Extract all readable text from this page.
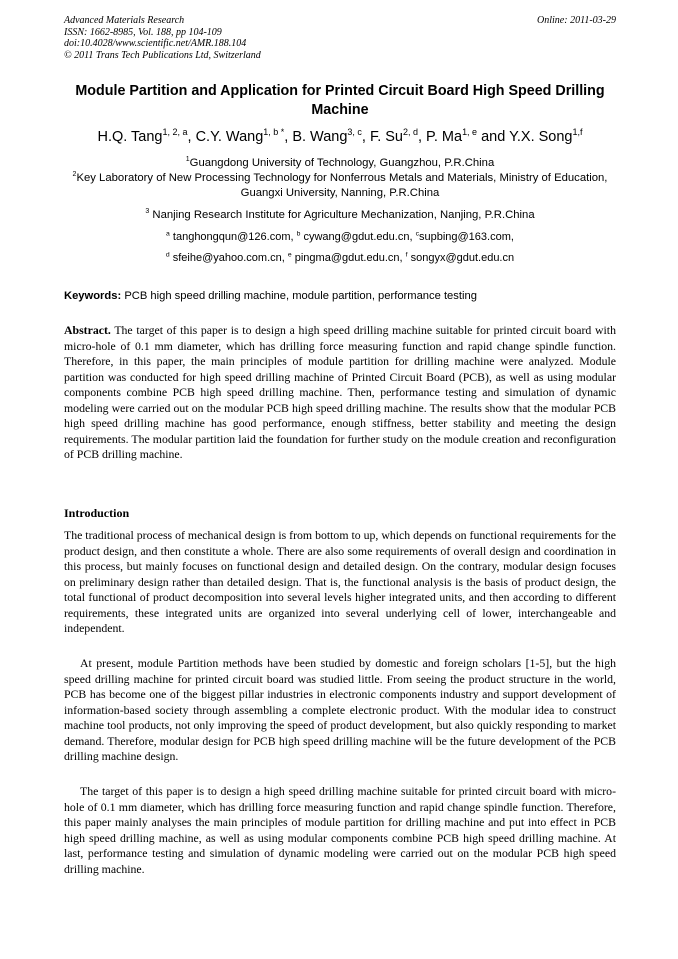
Advanced Materials Research
ISSN: 1662-8985, Vol. 188, pp 104-109
doi:10.4028/www.scientific.net/AMR.188.104
© 2011 Trans Tech Publications Ltd, Switzerland
Online: 2011-03-29
Module Partition and Application for Printed Circuit Board High Speed Drilling Machine
H.Q. Tang$^{1, 2, a}$, C.Y. Wang$^{1, b *}$, B. Wang$^{3, c}$, F. Su$^{2, d}$, P. Ma$^{1, e}$ and Y.X. Song$^{1,f}$
$^1$Guangdong University of Technology, Guangzhou, P.R.China
$^2$Key Laboratory of New Processing Technology for Nonferrous Metals and Materials, Ministry of Education, Guangxi University, Nanning, P.R.China
$^3$ Nanjing Research Institute for Agriculture Mechanization, Nanjing, P.R.China
$^a$ tanghongqun@126.com, $^b$ cywang@gdut.edu.cn, $^c$supbing@163.com,
$^d$ sfeihe@yahoo.com.cn, $^e$ pingma@gdut.edu.cn, $^f$ songyx@gdut.edu.cn
Keywords: PCB high speed drilling machine, module partition, performance testing
Abstract. The target of this paper is to design a high speed drilling machine suitable for printed circuit board with micro-hole of 0.1 mm diameter, which has drilling force measuring function and rapid change spindle function. Therefore, in this paper, the main principles of module partition for drilling machine were analyzed. Module partition was conducted for high speed drilling machine of Printed Circuit Board (PCB), as well as using modular components combine PCB high speed drilling machine. Then, performance testing and simulation of dynamic modeling were carried out on the modular PCB high speed drilling machine. The results show that the modular PCB high speed drilling machine has good performance, enough stiffness, better stability and meeting the design requirements. The modular partition laid the foundation for further study on the module creation and reconfiguration of PCB drilling machine.
Introduction
The traditional process of mechanical design is from bottom to up, which depends on functional requirements for the product design, and then constitute a whole. There are also some requirements of overall design and coordination in this process, but mainly focuses on functional design and detailed design. On the contrary, modular design focuses on preliminary design rather than detailed design. That is, the functional analysis is the basis of product design, the total functional of product decomposition into several levels higher integrated units, and then according to different requirements, these integrated units are organized into several underlying cell of lower, interchangeable and independent.
At present, module Partition methods have been studied by domestic and foreign scholars [1-5], but the high speed drilling machine for printed circuit board was studied little. From seeing the product structure in the world, PCB has become one of the biggest pillar industries in electronic components industry and support development of information-based society through assembling a complete electronic product. With the modular idea to construct machine tool products, not only improving the speed of product development, but also quickly responding to market demand. Therefore, modular design for PCB high speed drilling machine will be the future development of the PCB drilling machine design.
The target of this paper is to design a high speed drilling machine suitable for printed circuit board with micro-hole of 0.1 mm diameter, which has drilling force measuring function and rapid change spindle function. Therefore, this paper mainly analyses the main principles of module partition for drilling machine and put into effect in PCB high speed drilling machine, as well as using modular components combine PCB high speed drilling machine. At last, performance testing and simulation of dynamic modeling were carried out on the modular PCB high speed drilling machine.
